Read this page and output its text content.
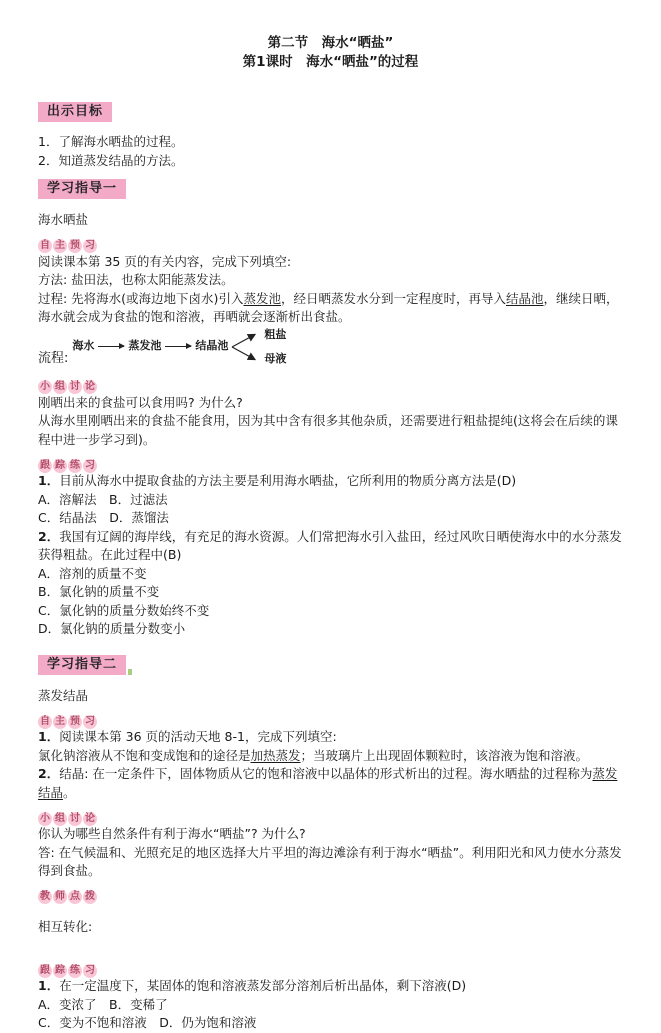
第二节　海水“晒盐”
第1课时　海水“晒盐”的过程
出示目标
1．了解海水晒盐的过程。
2．知道蒸发结晶的方法。
学习指导一
海水晒盐
自 主 预 习
阅读课本第 35 页的有关内容，完成下列填空:
方法: 盐田法，也称太阳能蒸发法。
过程: 先将海水(或海边地下卤水)引入蒸发池，经日晒蒸发水分到一定程度时，再导入结晶池，继续日晒，海水就会成为食盐的饱和溶液，再晒就会逐渐析出食盐。
流程:
海水	蒸发池	结晶池
粗盐
母液
小 组 讨 论
刚晒出来的食盐可以食用吗? 为什么?
从海水里刚晒出来的食盐不能食用，因为其中含有很多其他杂质，还需要进行粗盐提纯(这将会在后续的课程中进一步学习到)。
跟 踪 练 习
1．目前从海水中提取食盐的方法主要是利用海水晒盐，它所利用的物质分离方法是(D)
A．溶解法　B．过滤法
C．结晶法　D．蒸馏法
2．我国有辽阔的海岸线，有充足的海水资源。人们常把海水引入盐田，经过风吹日晒使海水中的水分蒸发获得粗盐。在此过程中(B)
A．溶剂的质量不变
B．氯化钠的质量不变
C．氯化钠的质量分数始终不变
D．氯化钠的质量分数变小
学习指导二
蒸发结晶
自 主 预 习
1．阅读课本第 36 页的活动天地 8-1，完成下列填空:
氯化钠溶液从不饱和变成饱和的途径是加热蒸发；当玻璃片上出现固体颗粒时，该溶液为饱和溶液。
2．结晶: 在一定条件下，固体物质从它的饱和溶液中以晶体的形式析出的过程。海水晒盐的过程称为蒸发结晶。
小 组 讨 论
你认为哪些自然条件有利于海水“晒盐”? 为什么?
答: 在气候温和、光照充足的地区选择大片平坦的海边滩涂有利于海水“晒盐”。利用阳光和风力使水分蒸发得到食盐。
教 师 点 拨
相互转化:
跟 踪 练 习
1．在一定温度下，某固体的饱和溶液蒸发部分溶剂后析出晶体，剩下溶液(D)
A．变浓了　B．变稀了
C．变为不饱和溶液　D．仍为饱和溶液
